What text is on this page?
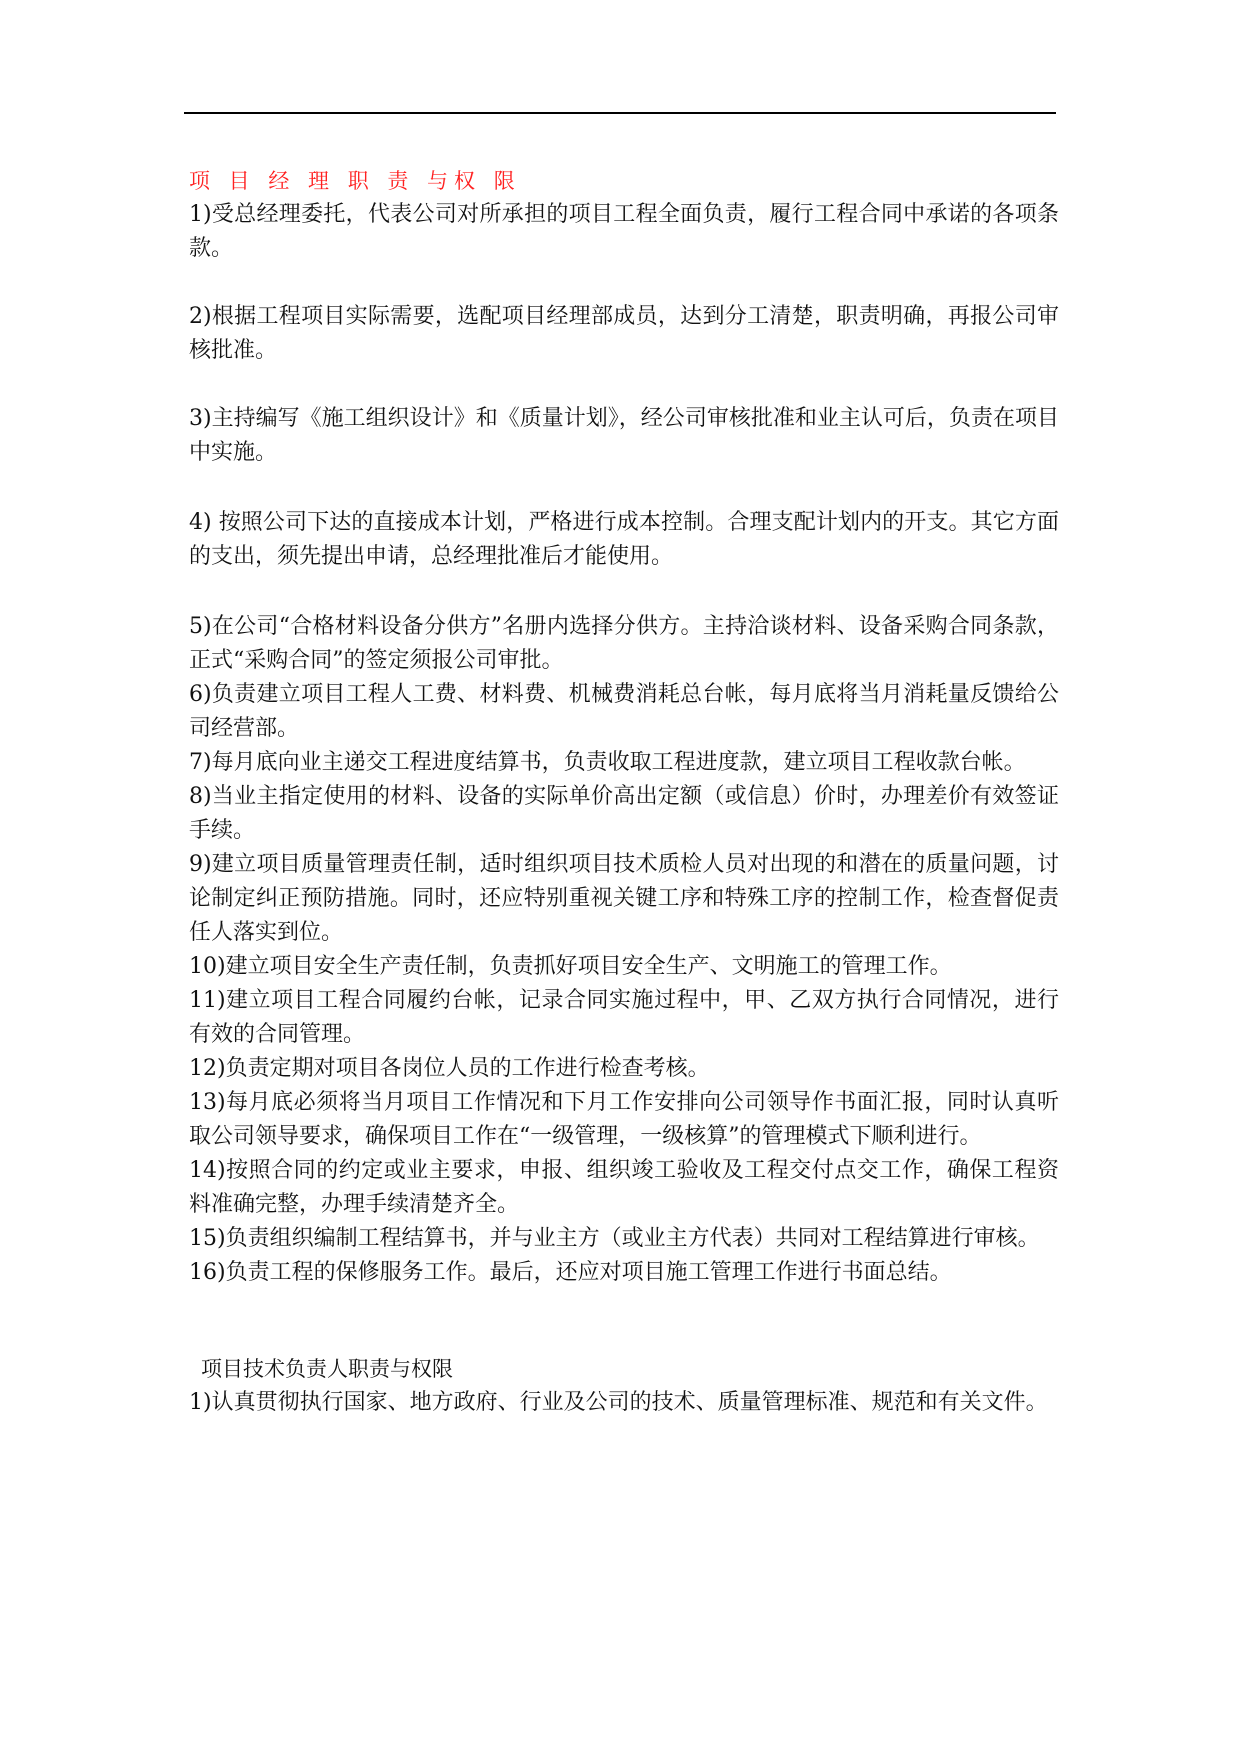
项 目 经 理 职 责 与权 限

1)受总经理委托，代表公司对所承担的项目工程全面负责，履行工程合同中承诺的各项条款。

2)根据工程项目实际需要，选配项目经理部成员，达到分工清楚，职责明确，再报公司审核批准。

3)主持编写《施工组织设计》和《质量计划》，经公司审核批准和业主认可后，负责在项目中实施。

4) 按照公司下达的直接成本计划，严格进行成本控制。合理支配计划内的开支。其它方面的支出，须先提出申请，总经理批准后才能使用。

5)在公司“合格材料设备分供方”名册内选择分供方。主持洽谈材料、设备采购合同条款，正式“采购合同”的签定须报公司审批。

6)负责建立项目工程人工费、材料费、机械费消耗总台帐，每月底将当月消耗量反馈给公司经营部。

7)每月底向业主递交工程进度结算书，负责收取工程进度款，建立项目工程收款台帐。

8)当业主指定使用的材料、设备的实际单价高出定额（或信息）价时，办理差价有效签证手续。

9)建立项目质量管理责任制，适时组织项目技术质检人员对出现的和潜在的质量问题，讨论制定纠正预防措施。同时，还应特别重视关键工序和特殊工序的控制工作，检查督促责任人落实到位。

10)建立项目安全生产责任制，负责抓好项目安全生产、文明施工的管理工作。

11)建立项目工程合同履约台帐，记录合同实施过程中，甲、乙双方执行合同情况，进行有效的合同管理。

12)负责定期对项目各岗位人员的工作进行检查考核。

13)每月底必须将当月项目工作情况和下月工作安排向公司领导作书面汇报，同时认真听取公司领导要求，确保项目工作在“一级管理，一级核算”的管理模式下顺利进行。

14)按照合同的约定或业主要求，申报、组织竣工验收及工程交付点交工作，确保工程资料准确完整，办理手续清楚齐全。

15)负责组织编制工程结算书，并与业主方（或业主方代表）共同对工程结算进行审核。

16)负责工程的保修服务工作。最后，还应对项目施工管理工作进行书面总结。

项目技术负责人职责与权限

1)认真贯彻执行国家、地方政府、行业及公司的技术、质量管理标准、规范和有关文件。
